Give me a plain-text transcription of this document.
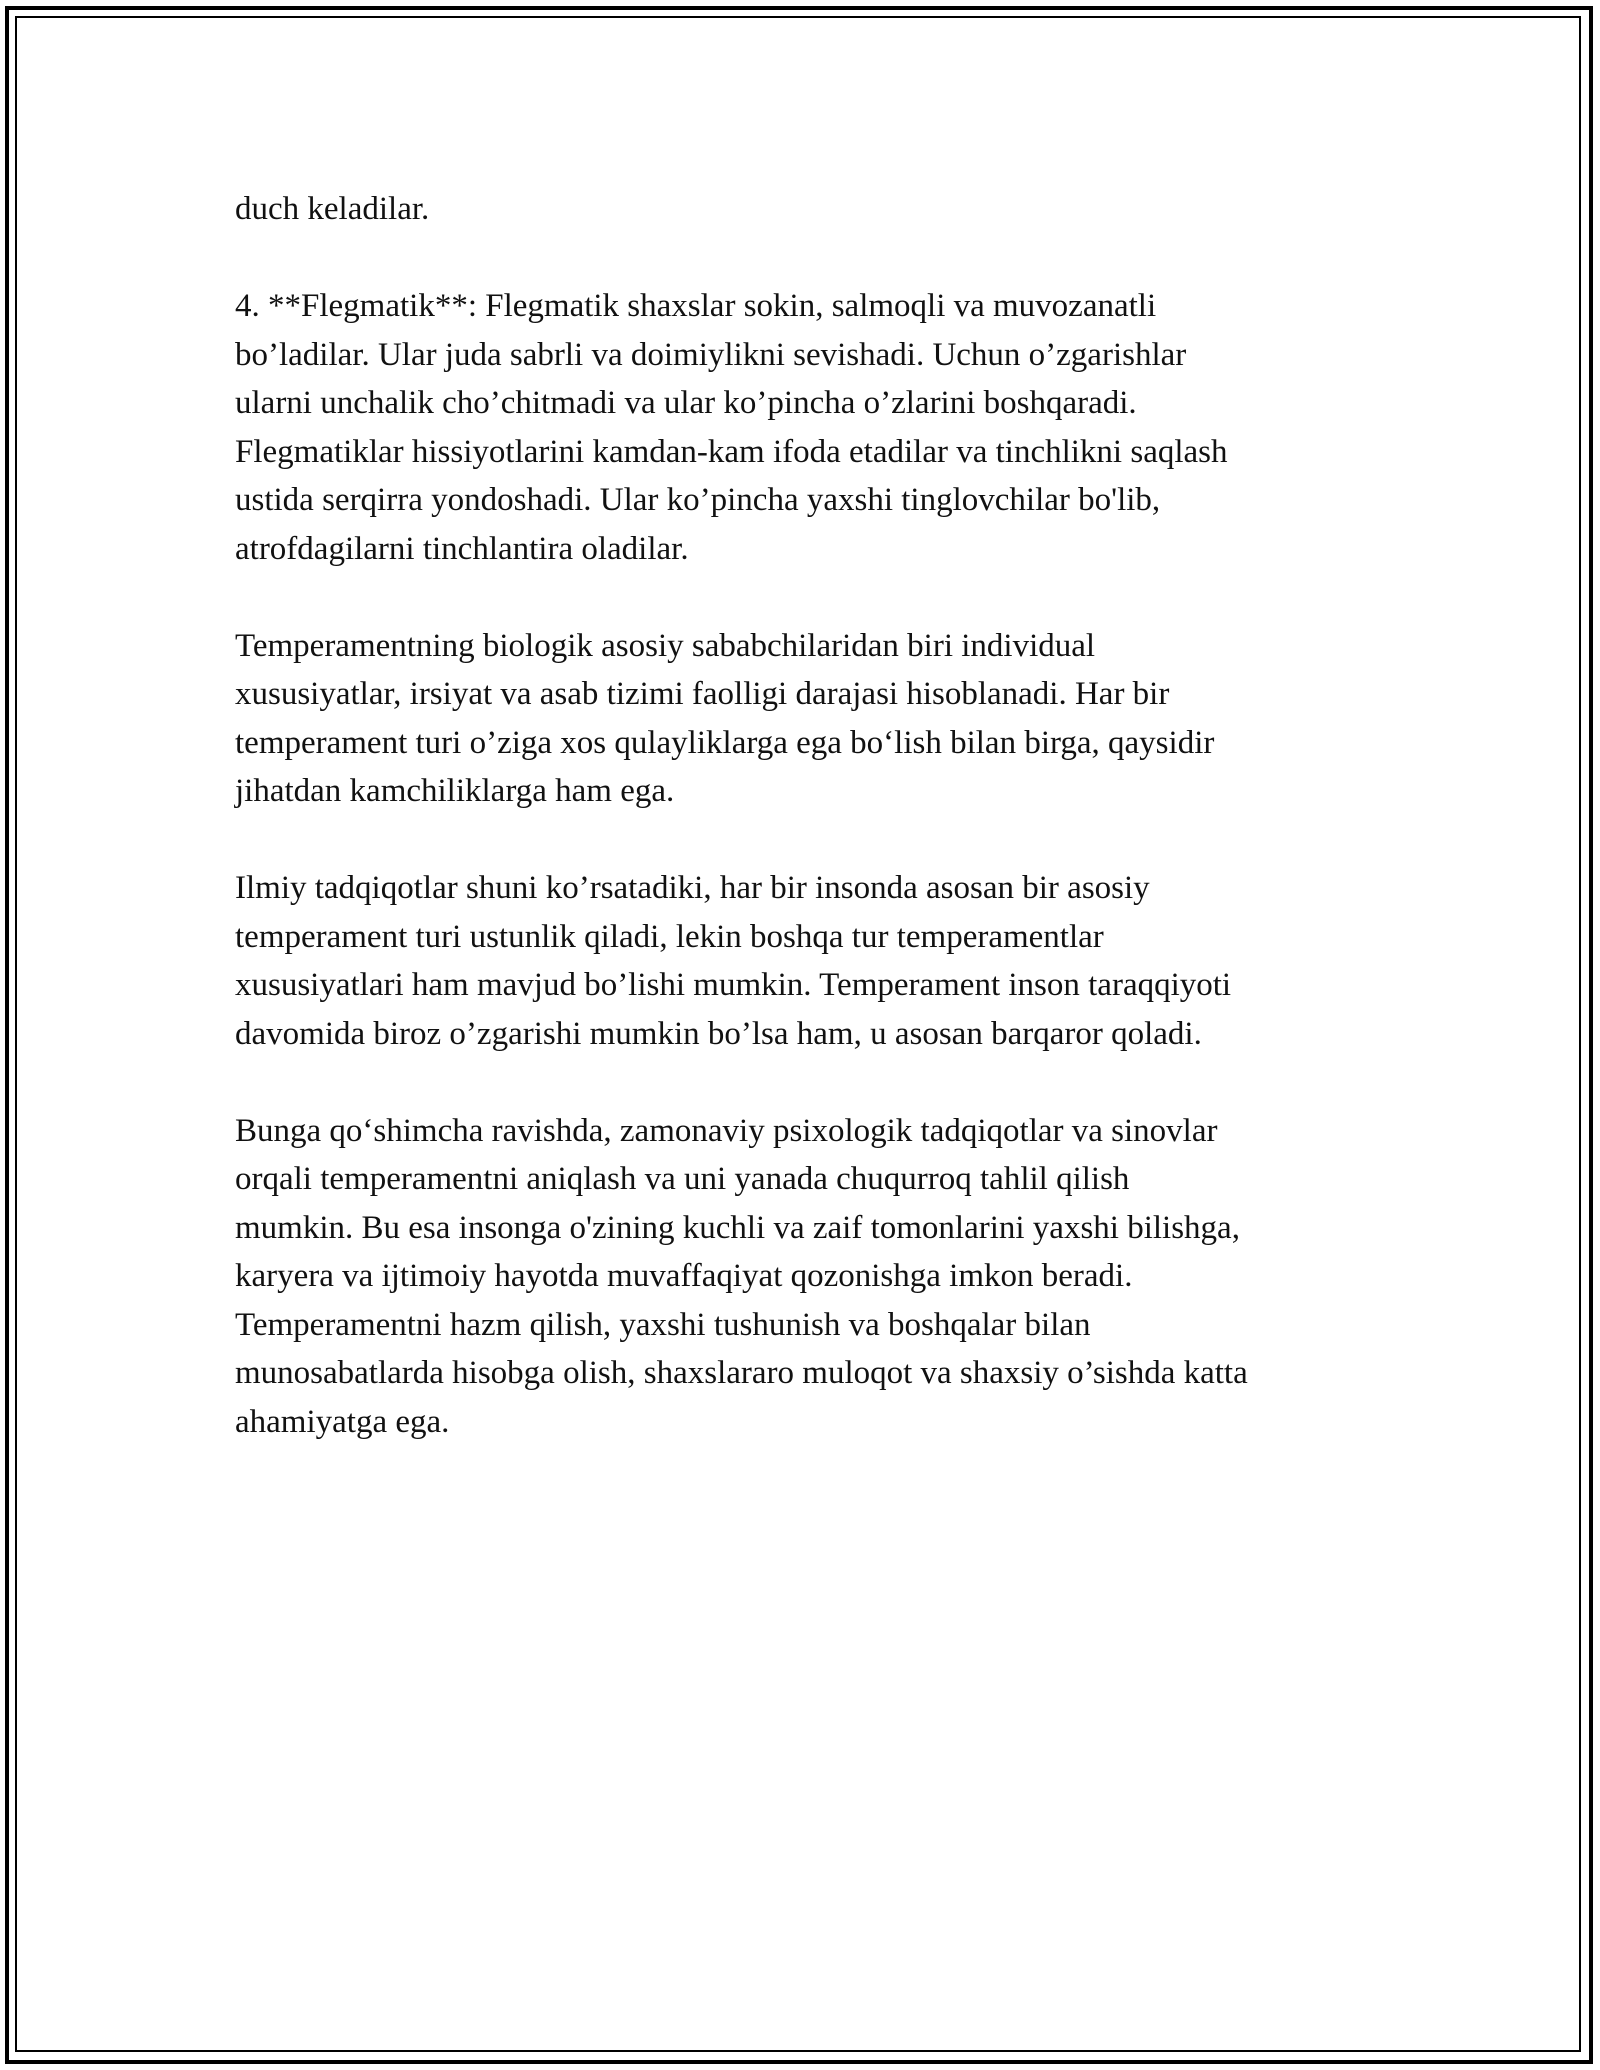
duch keladilar.

4. **Flegmatik**: Flegmatik shaxslar sokin, salmoqli va muvozanatli
bo’ladilar. Ular juda sabrli va doimiylikni sevishadi. Uchun o’zgarishlar
ularni unchalik cho’chitmadi va ular ko’pincha o’zlarini boshqaradi.
Flegmatiklar hissiyotlarini kamdan-kam ifoda etadilar va tinchlikni saqlash
ustida serqirra yondoshadi. Ular ko’pincha yaxshi tinglovchilar bo'lib,
atrofdagilarni tinchlantira oladilar.

Temperamentning biologik asosiy sababchilaridan biri individual
xususiyatlar, irsiyat va asab tizimi faolligi darajasi hisoblanadi. Har bir
temperament turi o’ziga xos qulayliklarga ega bo‘lish bilan birga, qaysidir
jihatdan kamchiliklarga ham ega.

Ilmiy tadqiqotlar shuni ko’rsatadiki, har bir insonda asosan bir asosiy
temperament turi ustunlik qiladi, lekin boshqa tur temperamentlar
xususiyatlari ham mavjud bo’lishi mumkin. Temperament inson taraqqiyoti
davomida biroz o’zgarishi mumkin bo’lsa ham, u asosan barqaror qoladi.

Bunga qo‘shimcha ravishda, zamonaviy psixologik tadqiqotlar va sinovlar
orqali temperamentni aniqlash va uni yanada chuqurroq tahlil qilish
mumkin. Bu esa insonga o'zining kuchli va zaif tomonlarini yaxshi bilishga,
karyera va ijtimoiy hayotda muvaffaqiyat qozonishga imkon beradi.
Temperamentni hazm qilish, yaxshi tushunish va boshqalar bilan
munosabatlarda hisobga olish, shaxslararo muloqot va shaxsiy o’sishda katta
ahamiyatga ega.
